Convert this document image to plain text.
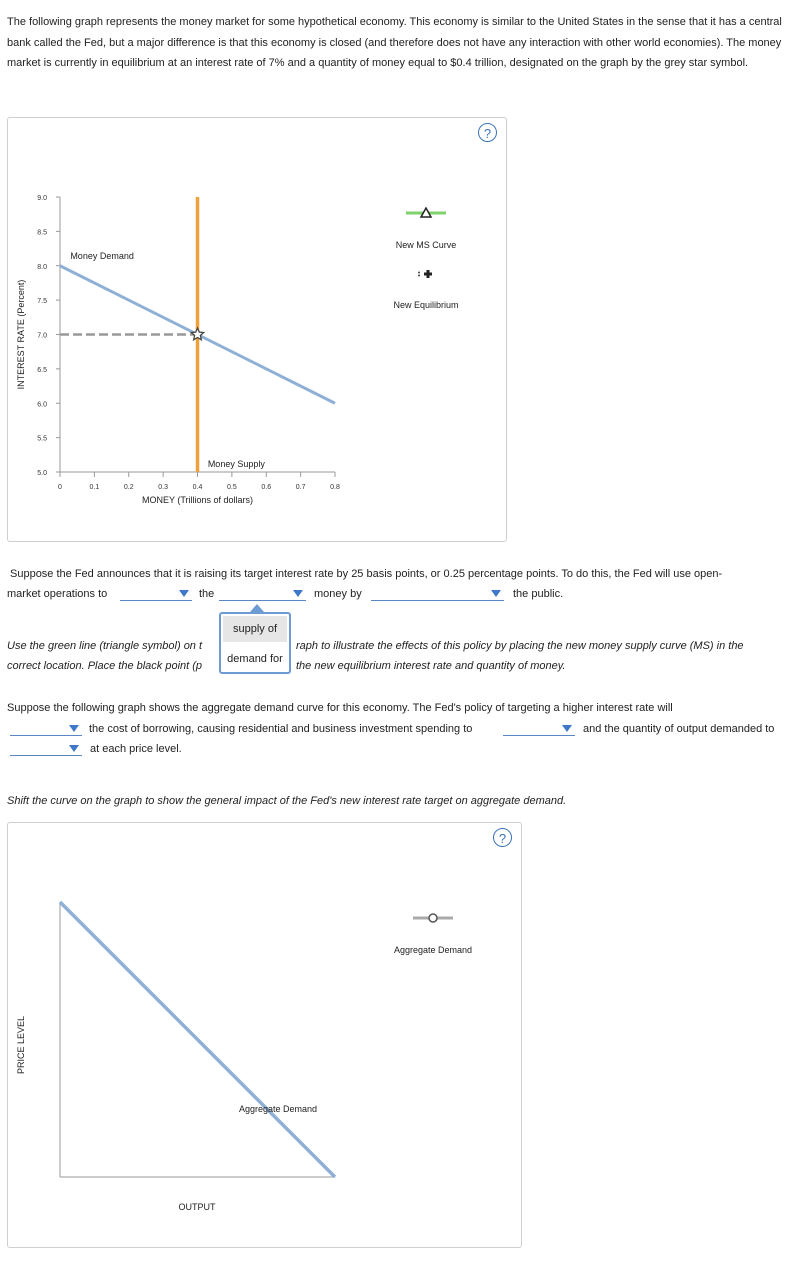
The following graph represents the money market for some hypothetical economy. This economy is similar to the United States in the sense that it has a central bank called the Fed, but a major difference is that this economy is closed (and therefore does not have any interaction with other world economies). The money market is currently in equilibrium at an interest rate of 7% and a quantity of money equal to $0.4 trillion, designated on the graph by the grey star symbol.
?
9.0
8.5
8.0
7.5
7.0
6.5
6.0
5.5
5.0
0	0.1	0.2	0.3	0.4	0.5	0.6	0.7	0.8
MONEY (Trillions of dollars)
INTEREST RATE (Percent)
Money Demand
Money Supply
New MS Curve
New Equilibrium
Suppose the Fed announces that it is raising its target interest rate by 25 basis points, or 0.25 percentage points. To do this, the Fed will use open-
market operations to	the	money by	the public.
Use the green line (triangle symbol) on t	raph to illustrate the effects of this policy by placing the new money supply curve (MS) in the
correct location. Place the black point (p	the new equilibrium interest rate and quantity of money.
supply of
demand for
Suppose the following graph shows the aggregate demand curve for this economy. The Fed's policy of targeting a higher interest rate will
the cost of borrowing, causing residential and business investment spending to	and the quantity of output demanded to
at each price level.
Shift the curve on the graph to show the general impact of the Fed's new interest rate target on aggregate demand.
?
Aggregate Demand
OUTPUT
PRICE LEVEL
Aggregate Demand
